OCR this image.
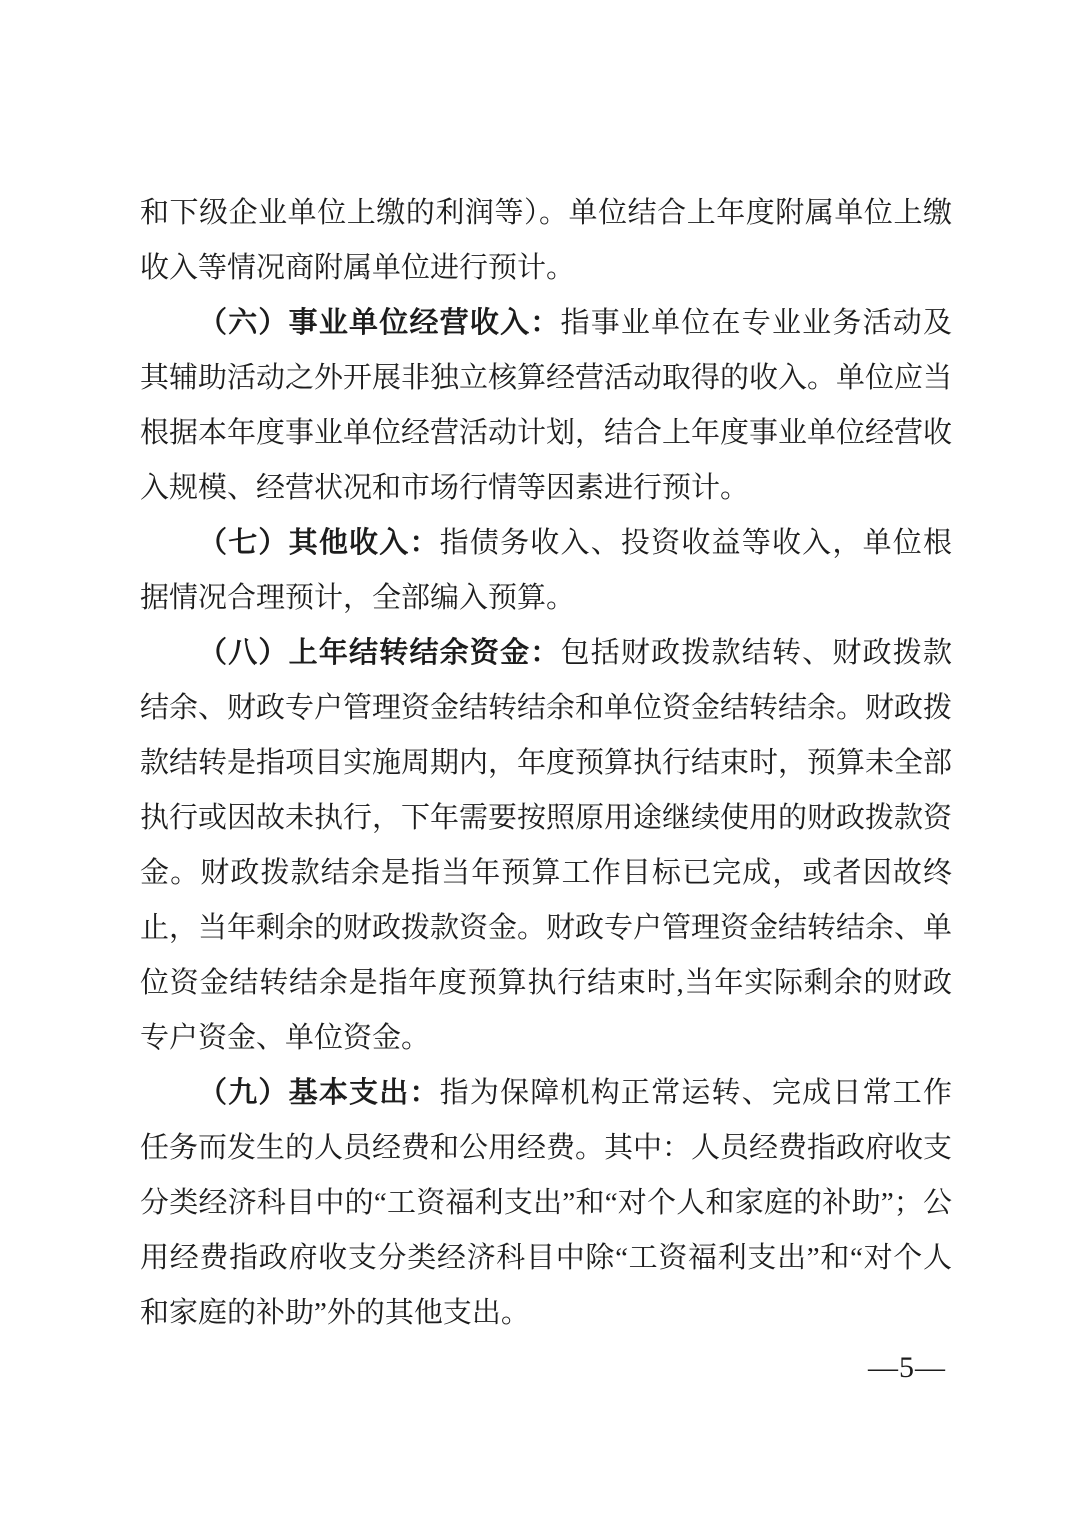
和下级企业单位上缴的利润等）。单位结合上年度附属单位上缴收入等情况商附属单位进行预计。

（六）事业单位经营收入：指事业单位在专业业务活动及其辅助活动之外开展非独立核算经营活动取得的收入。单位应当根据本年度事业单位经营活动计划，结合上年度事业单位经营收入规模、经营状况和市场行情等因素进行预计。

（七）其他收入：指债务收入、投资收益等收入，单位根据情况合理预计，全部编入预算。

（八）上年结转结余资金：包括财政拨款结转、财政拨款结余、财政专户管理资金结转结余和单位资金结转结余。财政拨款结转是指项目实施周期内，年度预算执行结束时，预算未全部执行或因故未执行，下年需要按照原用途继续使用的财政拨款资金。财政拨款结余是指当年预算工作目标已完成，或者因故终止，当年剩余的财政拨款资金。财政专户管理资金结转结余、单位资金结转结余是指年度预算执行结束时,当年实际剩余的财政专户资金、单位资金。

（九）基本支出：指为保障机构正常运转、完成日常工作任务而发生的人员经费和公用经费。其中：人员经费指政府收支分类经济科目中的“工资福利支出”和“对个人和家庭的补助”；公用经费指政府收支分类经济科目中除“工资福利支出”和“对个人和家庭的补助”外的其他支出。

—5—
